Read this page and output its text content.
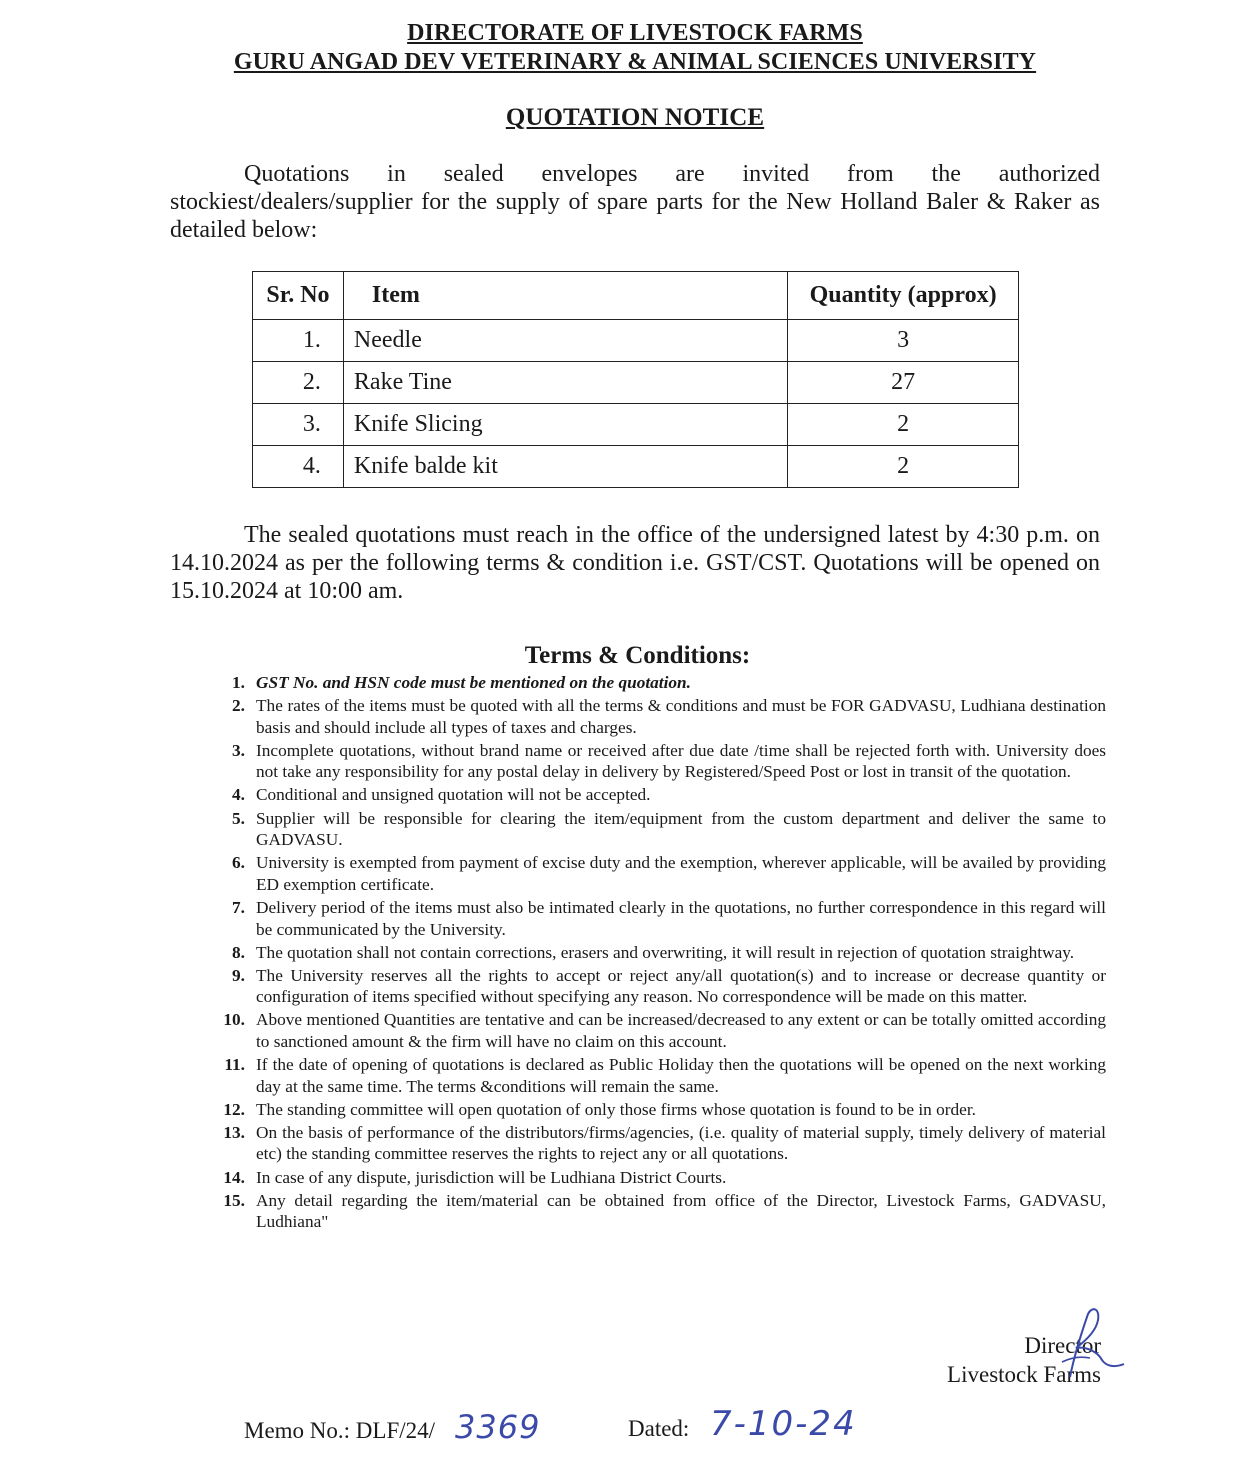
DIRECTORATE OF LIVESTOCK FARMS
GURU ANGAD DEV VETERINARY & ANIMAL SCIENCES UNIVERSITY
QUOTATION NOTICE
Quotations in sealed envelopes are invited from the authorized
stockiest/dealers/supplier for the supply of spare parts for the New Holland Baler & Raker as detailed below:
Sr. No	Item	Quantity (approx)
1.	Needle	3
2.	Rake Tine	27
3.	Knife Slicing	2
4.	Knife balde kit	2
The sealed quotations must reach in the office of the undersigned latest by 4:30 p.m. on 14.10.2024 as per the following terms & condition i.e. GST/CST. Quotations will be opened on 15.10.2024 at 10:00 am.
Terms & Conditions:
1. GST No. and HSN code must be mentioned on the quotation.
2. The rates of the items must be quoted with all the terms & conditions and must be FOR GADVASU, Ludhiana destination basis and should include all types of taxes and charges.
3. Incomplete quotations, without brand name or received after due date /time shall be rejected forth with. University does not take any responsibility for any postal delay in delivery by Registered/Speed Post or lost in transit of the quotation.
4. Conditional and unsigned quotation will not be accepted.
5. Supplier will be responsible for clearing the item/equipment from the custom department and deliver the same to GADVASU.
6. University is exempted from payment of excise duty and the exemption, wherever applicable, will be availed by providing ED exemption certificate.
7. Delivery period of the items must also be intimated clearly in the quotations, no further correspondence in this regard will be communicated by the University.
8. The quotation shall not contain corrections, erasers and overwriting, it will result in rejection of quotation straightway.
9. The University reserves all the rights to accept or reject any/all quotation(s) and to increase or decrease quantity or configuration of items specified without specifying any reason. No correspondence will be made on this matter.
10. Above mentioned Quantities are tentative and can be increased/decreased to any extent or can be totally omitted according to sanctioned amount & the firm will have no claim on this account.
11. If the date of opening of quotations is declared as Public Holiday then the quotations will be opened on the next working day at the same time. The terms &conditions will remain the same.
12. The standing committee will open quotation of only those firms whose quotation is found to be in order.
13. On the basis of performance of the distributors/firms/agencies, (i.e. quality of material supply, timely delivery of material etc) the standing committee reserves the rights to reject any or all quotations.
14. In case of any dispute, jurisdiction will be Ludhiana District Courts.
15. Any detail regarding the item/material can be obtained from office of the Director, Livestock Farms, GADVASU, Ludhiana"
Director
Livestock Farms
Memo No.: DLF/24/ 3369	Dated: 7-10-24
